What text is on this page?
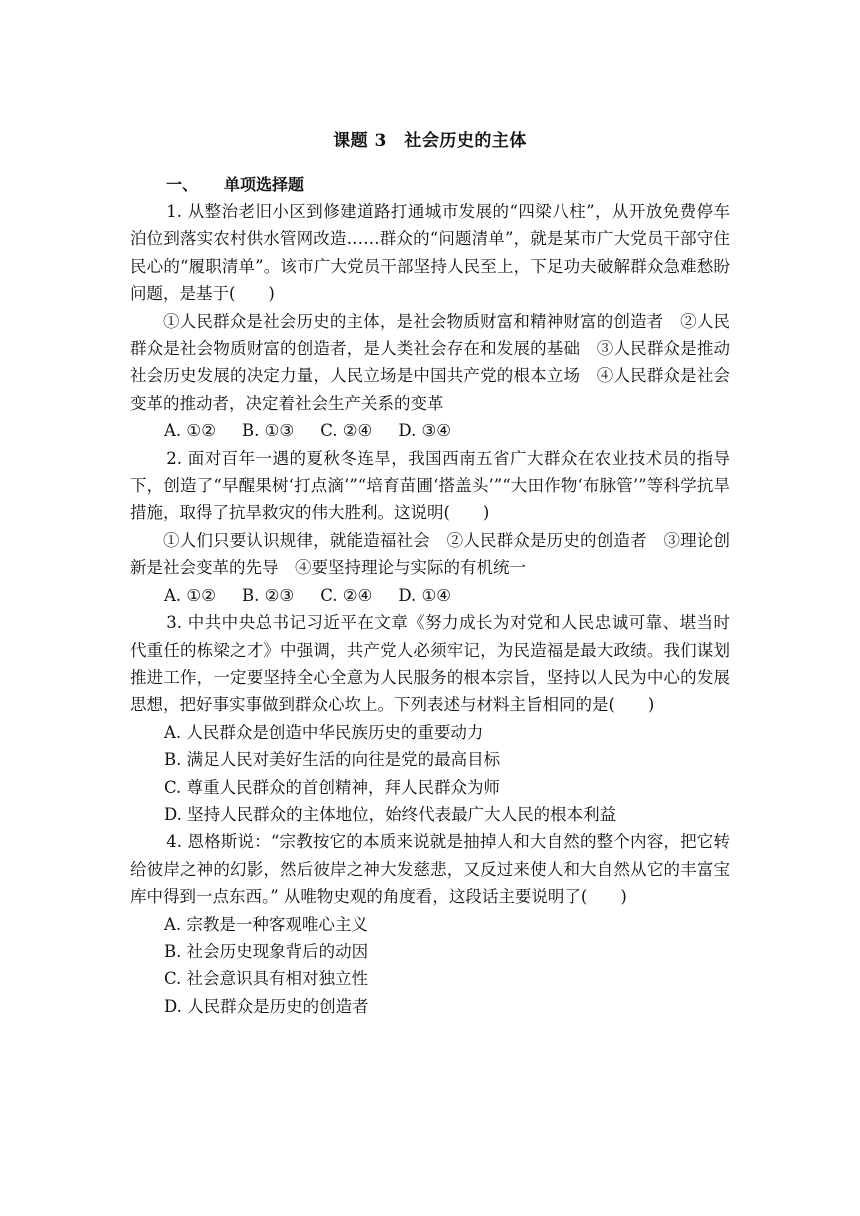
课题 3　社会历史的主体
一、 单项选择题

1. 从整治老旧小区到修建道路打通城市发展的“四梁八柱”，从开放免费停车泊位到落实农村供水管网改造……群众的“问题清单”，就是某市广大党员干部守住民心的“履职清单”。该市广大党员干部坚持人民至上，下足功夫破解群众急难愁盼问题，是基于(　　)

①人民群众是社会历史的主体，是社会物质财富和精神财富的创造者　②人民群众是社会物质财富的创造者，是人类社会存在和发展的基础　③人民群众是推动社会历史发展的决定力量，人民立场是中国共产党的根本立场　④人民群众是社会变革的推动者，决定着社会生产关系的变革

A. ①② B. ①③ C. ②④ D. ③④

2. 面对百年一遇的夏秋冬连旱，我国西南五省广大群众在农业技术员的指导下，创造了“早醒果树‘打点滴’”“培育苗圃‘搭盖头’”“大田作物‘布脉管’”等科学抗旱措施，取得了抗旱救灾的伟大胜利。这说明(　　)

①人们只要认识规律，就能造福社会　②人民群众是历史的创造者　③理论创新是社会变革的先导　④要坚持理论与实际的有机统一

A. ①② B. ②③ C. ②④ D. ①④

3. 中共中央总书记习近平在文章《努力成长为对党和人民忠诚可靠、堪当时代重任的栋梁之才》中强调，共产党人必须牢记，为民造福是最大政绩。我们谋划推进工作，一定要坚持全心全意为人民服务的根本宗旨，坚持以人民为中心的发展思想，把好事实事做到群众心坎上。下列表述与材料主旨相同的是(　　)

A. 人民群众是创造中华民族历史的重要动力

B. 满足人民对美好生活的向往是党的最高目标

C. 尊重人民群众的首创精神，拜人民群众为师

D. 坚持人民群众的主体地位，始终代表最广大人民的根本利益

4. 恩格斯说：“宗教按它的本质来说就是抽掉人和大自然的整个内容，把它转给彼岸之神的幻影，然后彼岸之神大发慈悲，又反过来使人和大自然从它的丰富宝库中得到一点东西。” 从唯物史观的角度看，这段话主要说明了(　　)

A. 宗教是一种客观唯心主义

B. 社会历史现象背后的动因

C. 社会意识具有相对独立性

D. 人民群众是历史的创造者
